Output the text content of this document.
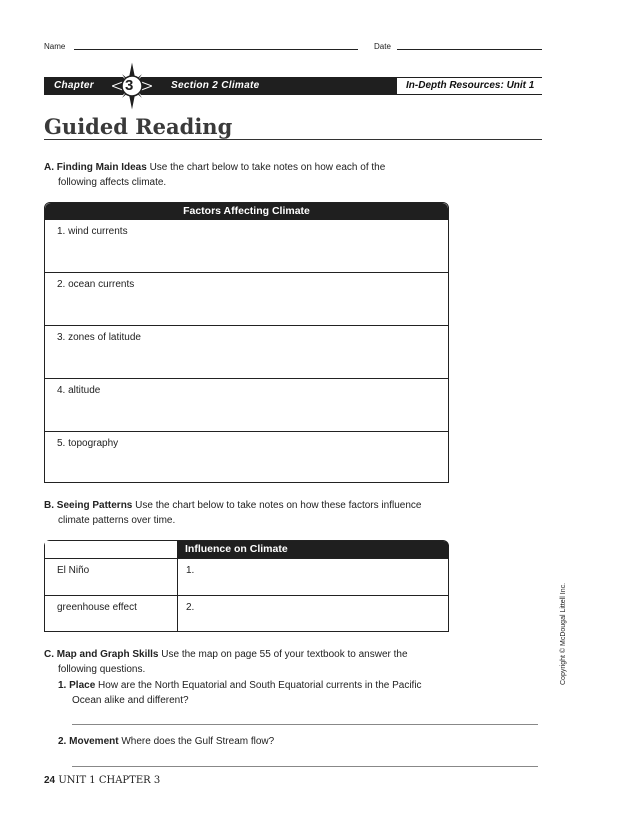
Name	Date
Chapter 3	Section 2 Climate	In-Depth Resources: Unit 1
Guided Reading
A. Finding Main Ideas Use the chart below to take notes on how each of the
following affects climate.
Factors Affecting Climate
1. wind currents
2. ocean currents
3. zones of latitude
4. altitude
5. topography
B. Seeing Patterns Use the chart below to take notes on how these factors influence
climate patterns over time.
Influence on Climate
El Niño	1.
greenhouse effect	2.
C. Map and Graph Skills Use the map on page 55 of your textbook to answer the
following questions.
1. Place How are the North Equatorial and South Equatorial currents in the Pacific
Ocean alike and different?
2. Movement Where does the Gulf Stream flow?
Copyright © McDougal Littell Inc.
24 UNIT 1 CHAPTER 3
